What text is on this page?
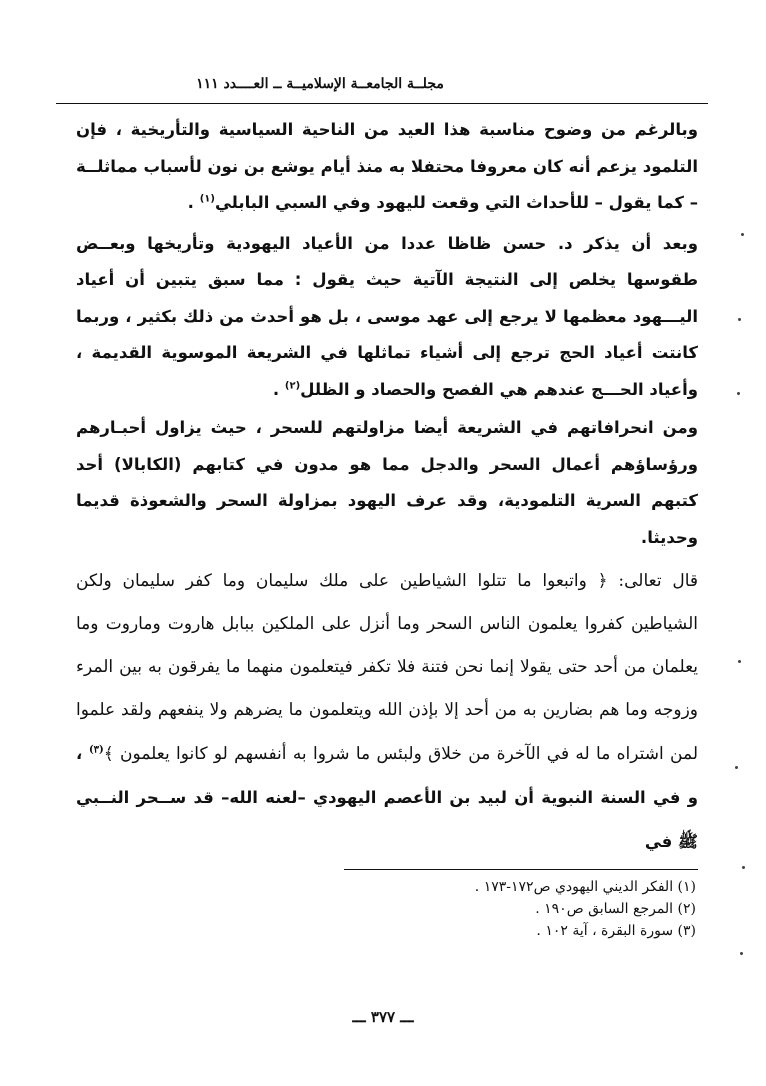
مجلــة الجامعــة الإسلاميــة ــ العــــدد ١١١

وبالرغم من وضوح مناسبة هذا العيد من الناحية السياسية والتأريخية ، فإن التلمود يزعم أنه كان معروفا محتفلا به منذ أيام يوشع بن نون لأسباب مماثلــة – كما يقول – للأحداث التي وقعت لليهود وفي السبي البابلي$^{(١)}$ .

وبعد أن يذكر د. حسن ظاظا عددا من الأعياد اليهودية وتأريخها وبعــض طقوسها يخلص إلى النتيجة الآتية حيث يقول : مما سبق يتبين أن أعياد اليـــهود معظمها لا يرجع إلى عهد موسى ، بل هو أحدث من ذلك بكثير ، وربما كانتت أعياد الحج ترجع إلى أشياء تماثلها في الشريعة الموسوية القديمة ، وأعياد الحـــج عندهم هي الفصح والحصاد و الظلل$^{(٢)}$ .

ومن انحرافاتهم في الشريعة أيضا مزاولتهم للسحر ، حيث يزاول أحبـارهم ورؤساؤهم أعمال السحر والدجل مما هو مدون في كتابهم (الكابالا) أحد كتبهم السرية التلمودية، وقد عرف اليهود بمزاولة السحر والشعوذة قديما وحديثا.

قال تعالى: ﴿ واتبعوا ما تتلوا الشياطين على ملك سليمان وما كفر سليمان ولكن الشياطين كفروا يعلمون الناس السحر وما أنزل على الملكين ببابل هاروت وماروت وما يعلمان من أحد حتى يقولا إنما نحن فتنة فلا تكفر فيتعلمون منهما ما يفرقون به بين المرء وزوجه وما هم بضارين به من أحد إلا بإذن الله ويتعلمون ما يضرهم ولا ينفعهم ولقد علموا لمن اشتراه ما له في الآخرة من خلاق ولبئس ما شروا به أنفسهم لو كانوا يعلمون ﴾$^{(٣)}$ ، و في السنة النبوية أن لبيد بن الأعصم اليهودي –لعنه الله– قد ســحر النــبي ﷺ في

(١) الفكر الديني اليهودي ص١٧٢-١٧٣ .
(٢) المرجع السابق ص١٩٠ .
(٣) سورة البقرة ، آية ١٠٢ .
ـــ ٣٧٧ ـــ
